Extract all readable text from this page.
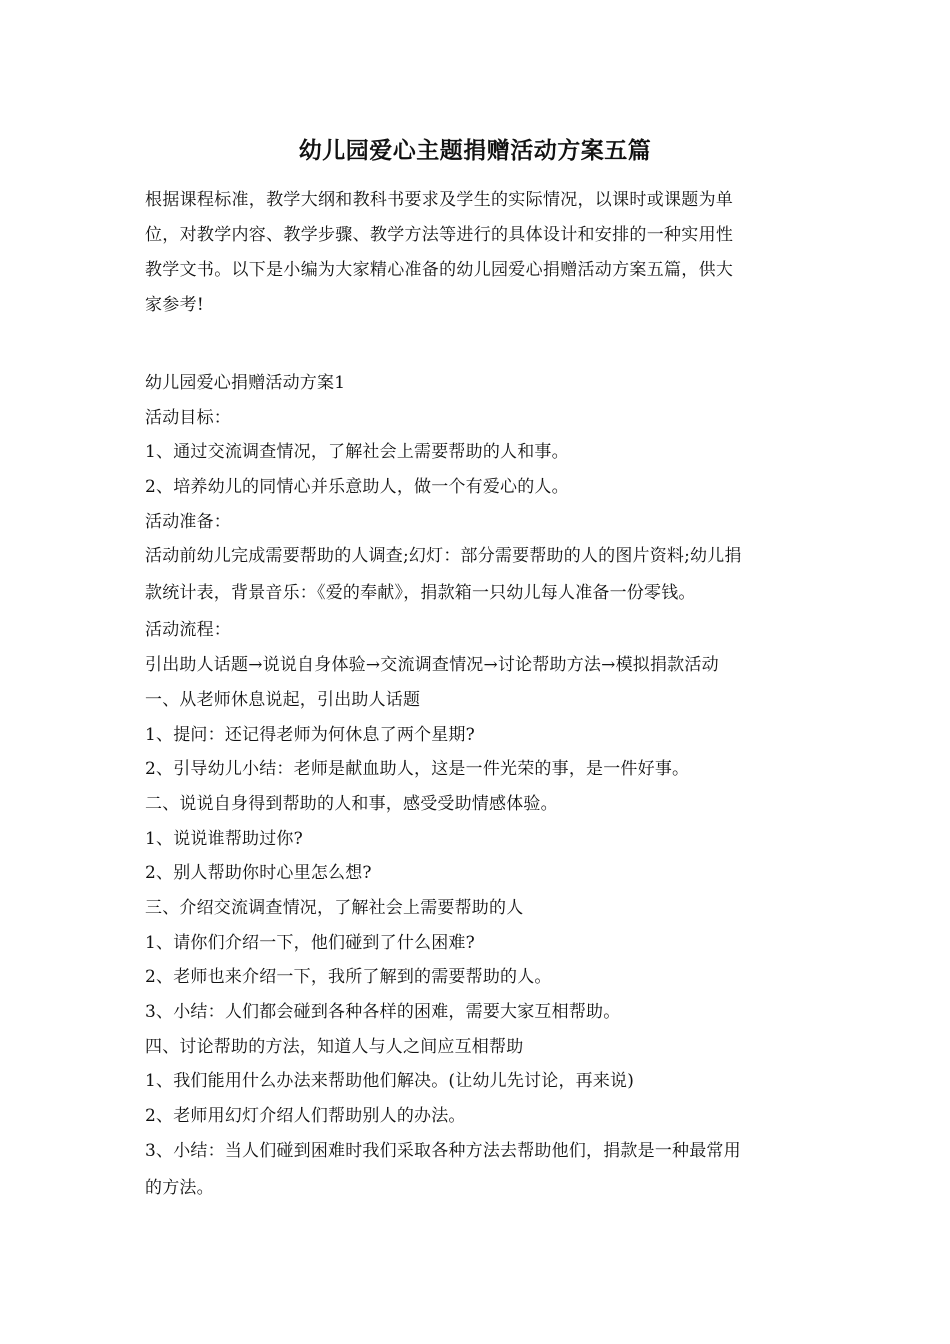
幼儿园爱心主题捐赠活动方案五篇
根据课程标准，教学大纲和教科书要求及学生的实际情况，以课时或课题为单
位，对教学内容、教学步骤、教学方法等进行的具体设计和安排的一种实用性
教学文书。以下是小编为大家精心准备的幼儿园爱心捐赠活动方案五篇，供大
家参考!
幼儿园爱心捐赠活动方案1
活动目标：
1、通过交流调查情况，了解社会上需要帮助的人和事。
2、培养幼儿的同情心并乐意助人，做一个有爱心的人。
活动准备：
活动前幼儿完成需要帮助的人调查;幻灯：部分需要帮助的人的图片资料;幼儿捐
款统计表，背景音乐：《爱的奉献》，捐款箱一只幼儿每人准备一份零钱。
活动流程：
引出助人话题→说说自身体验→交流调查情况→讨论帮助方法→模拟捐款活动
一、从老师休息说起，引出助人话题
1、提问：还记得老师为何休息了两个星期?
2、引导幼儿小结：老师是献血助人，这是一件光荣的事，是一件好事。
二、说说自身得到帮助的人和事，感受受助情感体验。
1、说说谁帮助过你?
2、别人帮助你时心里怎么想?
三、介绍交流调查情况，了解社会上需要帮助的人
1、请你们介绍一下，他们碰到了什么困难?
2、老师也来介绍一下，我所了解到的需要帮助的人。
3、小结：人们都会碰到各种各样的困难，需要大家互相帮助。
四、讨论帮助的方法，知道人与人之间应互相帮助
1、我们能用什么办法来帮助他们解决。(让幼儿先讨论，再来说)
2、老师用幻灯介绍人们帮助别人的办法。
3、小结：当人们碰到困难时我们采取各种方法去帮助他们，捐款是一种最常用
的方法。
